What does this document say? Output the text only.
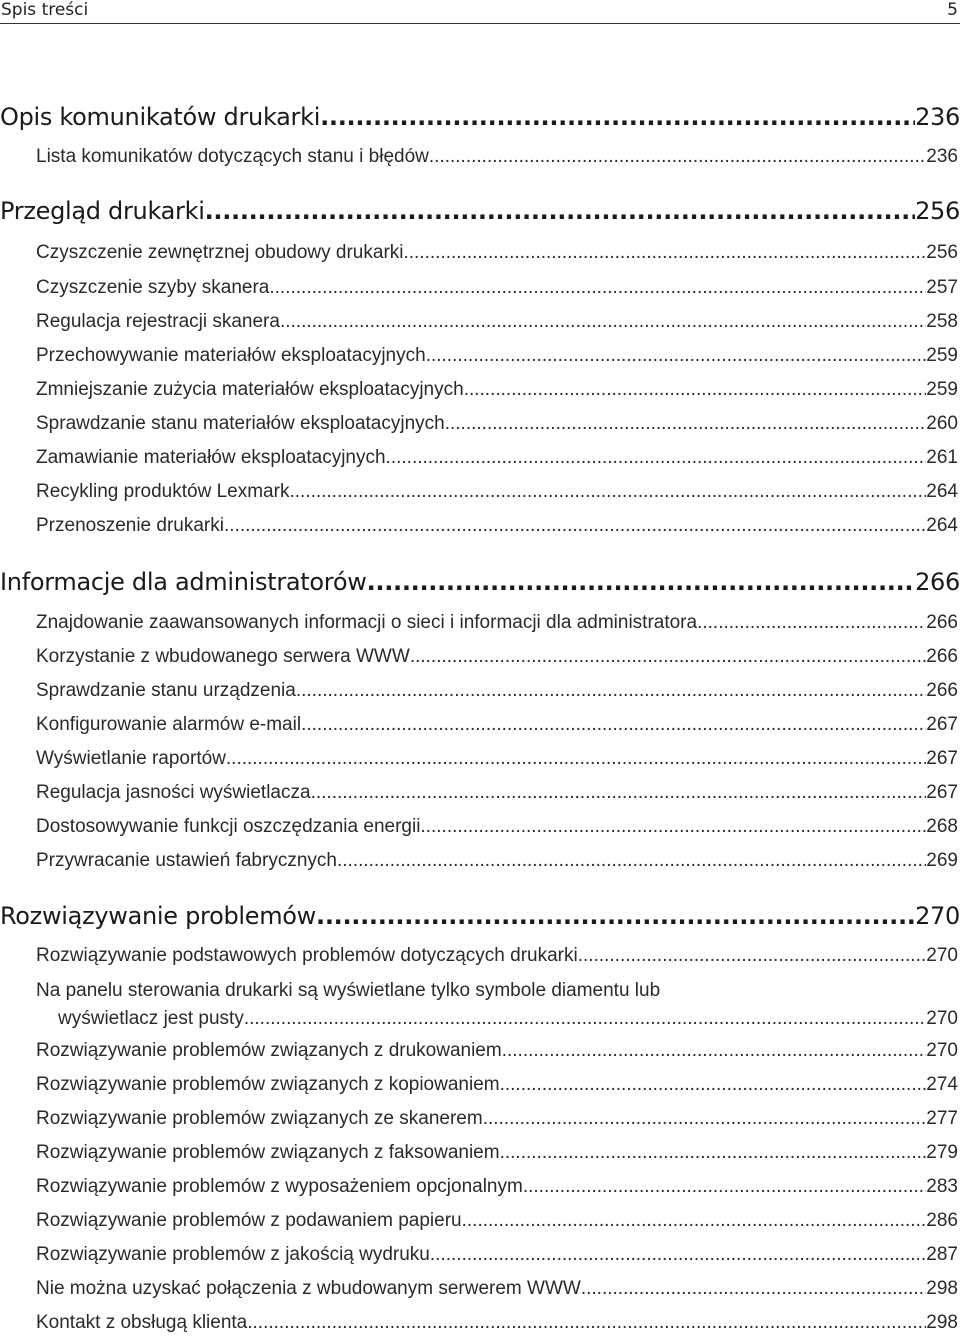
Spis treści	5
Opis komunikatów drukarki .....	236
Lista komunikatów dotyczących stanu i błędów .....	236
Przegląd drukarki .....	256
Czyszczenie zewnętrznej obudowy drukarki .....	256
Czyszczenie szyby skanera .....	257
Regulacja rejestracji skanera .....	258
Przechowywanie materiałów eksploatacyjnych .....	259
Zmniejszanie zużycia materiałów eksploatacyjnych .....	259
Sprawdzanie stanu materiałów eksploatacyjnych .....	260
Zamawianie materiałów eksploatacyjnych .....	261
Recykling produktów Lexmark .....	264
Przenoszenie drukarki .....	264
Informacje dla administratorów .....	266
Znajdowanie zaawansowanych informacji o sieci i informacji dla administratora .....	266
Korzystanie z wbudowanego serwera WWW .....	266
Sprawdzanie stanu urządzenia .....	266
Konfigurowanie alarmów e-mail .....	267
Wyświetlanie raportów .....	267
Regulacja jasności wyświetlacza .....	267
Dostosowywanie funkcji oszczędzania energii .....	268
Przywracanie ustawień fabrycznych .....	269
Rozwiązywanie problemów .....	270
Rozwiązywanie podstawowych problemów dotyczących drukarki .....	270
Na panelu sterowania drukarki są wyświetlane tylko symbole diamentu lub
wyświetlacz jest pusty .....	270
Rozwiązywanie problemów związanych z drukowaniem .....	270
Rozwiązywanie problemów związanych z kopiowaniem .....	274
Rozwiązywanie problemów związanych ze skanerem .....	277
Rozwiązywanie problemów związanych z faksowaniem .....	279
Rozwiązywanie problemów z wyposażeniem opcjonalnym .....	283
Rozwiązywanie problemów z podawaniem papieru .....	286
Rozwiązywanie problemów z jakością wydruku .....	287
Nie można uzyskać połączenia z wbudowanym serwerem WWW .....	298
Kontakt z obsługą klienta .....	298
